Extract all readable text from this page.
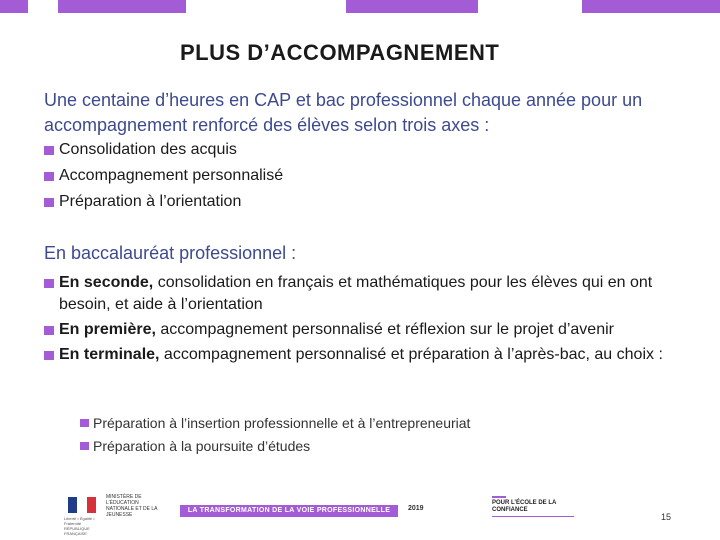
PLUS D’ACCOMPAGNEMENT
Une centaine d’heures en CAP et bac professionnel chaque année pour un accompagnement renforcé des élèves selon trois axes :
Consolidation des acquis
Accompagnement personnalisé
Préparation à l’orientation
En baccalauréat professionnel :
En seconde, consolidation en français et mathématiques pour les élèves qui en ont besoin, et aide à l’orientation
En première, accompagnement personnalisé et réflexion sur le projet d’avenir
En terminale, accompagnement personnalisé et préparation à l’après-bac, au choix :
Préparation à l’insertion professionnelle et à l’entrepreneuriat
Préparation à la poursuite d’études
Liberté • Égalité • Fraternité RÉPUBLIQUE FRANÇAISE
MINISTÈRE DE L’ÉDUCATION NATIONALE ET DE LA JEUNESSE
LA TRANSFORMATION DE LA VOIE PROFESSIONNELLE	2019
POUR L’ÉCOLE DE LA CONFIANCE
15
